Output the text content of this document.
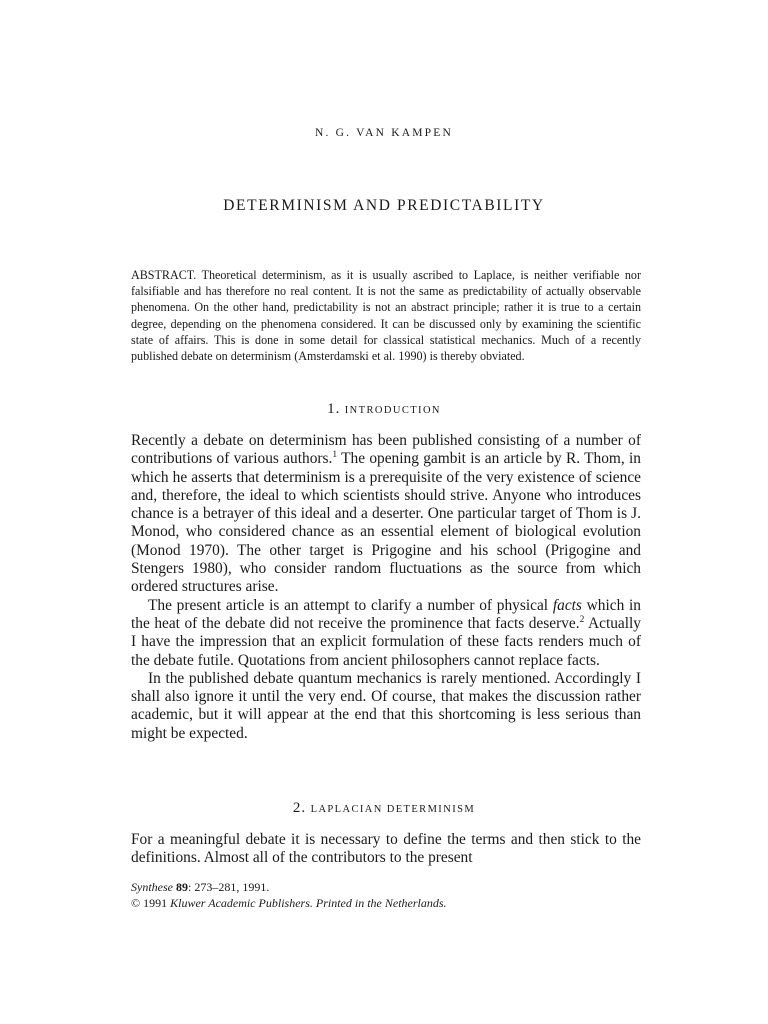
N. G. VAN KAMPEN
DETERMINISM AND PREDICTABILITY

ABSTRACT. Theoretical determinism, as it is usually ascribed to Laplace, is neither verifiable nor falsifiable and has therefore no real content. It is not the same as predictability of actually observable phenomena. On the other hand, predictability is not an abstract principle; rather it is true to a certain degree, depending on the phenomena considered. It can be discussed only by examining the scientific state of affairs. This is done in some detail for classical statistical mechanics. Much of a recently published debate on determinism (Amsterdamski et al. 1990) is thereby obviated.

1. INTRODUCTION

Recently a debate on determinism has been published consisting of a number of contributions of various authors.$^1$ The opening gambit is an article by R. Thom, in which he asserts that determinism is a prerequisite of the very existence of science and, therefore, the ideal to which scientists should strive. Anyone who introduces chance is a betrayer of this ideal and a deserter. One particular target of Thom is J. Monod, who considered chance as an essential element of biological evolution (Monod 1970). The other target is Prigogine and his school (Prigogine and Stengers 1980), who consider random fluctuations as the source from which ordered structures arise.

The present article is an attempt to clarify a number of physical facts which in the heat of the debate did not receive the prominence that facts deserve.$^2$ Actually I have the impression that an explicit formulation of these facts renders much of the debate futile. Quotations from ancient philosophers cannot replace facts.

In the published debate quantum mechanics is rarely mentioned. Accordingly I shall also ignore it until the very end. Of course, that makes the discussion rather academic, but it will appear at the end that this shortcoming is less serious than might be expected.

2. LAPLACIAN DETERMINISM

For a meaningful debate it is necessary to define the terms and then stick to the definitions. Almost all of the contributors to the present

Synthese 89: 273–281, 1991.
© 1991 Kluwer Academic Publishers. Printed in the Netherlands.
